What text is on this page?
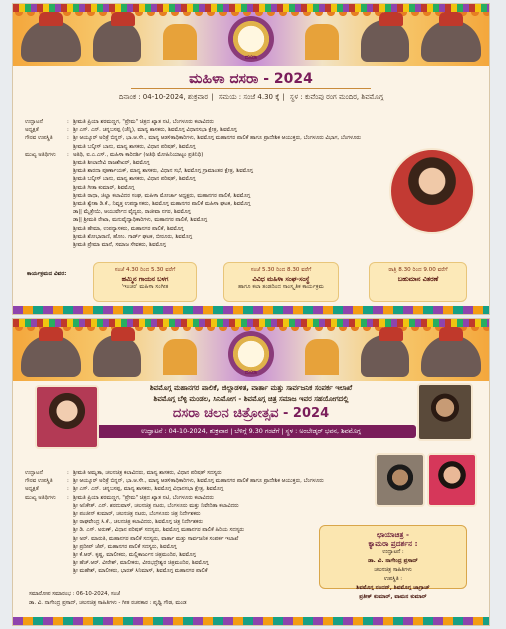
ದಸರಾ
ಮಹಿಳಾ ದಸರಾ - 2024
ದಿನಾಂಕ : 04-10-2024, ಶುಕ್ರವಾರ | ಸಮಯ : ಸಂಜೆ 4.30 ಕ್ಕೆ | ಸ್ಥಳ : ಕುವೆಂಪು ರಂಗ ಮಂದಿರ, ಶಿವಮೊಗ್ಗ
ಉದ್ಘಾಟನೆ	: ಶ್ರೀಮತಿ ಪ್ರಿಯಾ ಶರಮಣ್ಣಗ, "ಪ್ರೇಮ" ಚಿತ್ರದ ಖ್ಯಾತ ನಟಿ, ಬೆಂಗಳೂರು ಕಲಾವಿದರು
ಅಧ್ಯಕ್ಷತೆ	: ಶ್ರೀ ಎಸ್. ಎನ್. ಚನ್ನಬಸಪ್ಪ (ಚೆನ್ನಿ), ಮಾನ್ಯ ಶಾಸಕರು, ಶಿವಮೊಗ್ಗ ವಿಧಾನಸಭಾ ಕ್ಷೇತ್ರ, ಶಿವಮೊಗ್ಗ
ಗೌರವ ಉಪಸ್ಥಿತಿ	: ಶ್ರೀ ಆಯ್ಕೂರ್ ಅರಿತ್ರೆ ಬಿನ್ನನ್, ಭಾ.ಆ.ಸೇ., ಮಾನ್ಯ ಆಡಳಿತಾಧಿಕಾರಿಗಳು, ಶಿವಮೊಗ್ಗ ಮಹಾನಗರ ಪಾಲಿಕೆ ಹಾಗೂ ಪ್ರಾದೇಶಿಕ ಆಯುಕ್ತರು, ಬೆಂಗಳೂರು ವಿಭಾಗ, ಬೆಂಗಳೂರು
ಶ್ರೀಮತಿ ಬಲ್ಕೀಸ್ ಬಾನು, ಮಾನ್ಯ ಶಾಸಕರು, ವಿಧಾನ ಪರಿಷತ್, ಶಿವಮೊಗ್ಗ
ಮುಖ್ಯ ಅತಿಥಿಗಳು	: ಅತಿಥಿ, ಐ.ಎ.ಎಸ್., ಮಹಿಳಾ ಕಾರಿದರ್ಶಿ (ಅತಿಥಿ ಮೋಹಿನಿಯಾಟ್ಟಂ ಪ್ರತಿನಿಧಿ)
ಶ್ರೀಮತಿ ಶೀಲಾದೇವಿ ರಾಜಶೇಖರ್, ಶಿವಮೊಗ್ಗ
ಶ್ರೀಮತಿ ಶಾರದಾ ಪೂರ್ಣಾಯಕ್, ಮಾನ್ಯ ಶಾಸಕರು, ವಿಧಾನ ಸಭೆ, ಶಿವಮೊಗ್ಗ ಗ್ರಾಮಾಂತರ ಕ್ಷೇತ್ರ, ಶಿವಮೊಗ್ಗ
ಶ್ರೀಮತಿ ಬಲ್ಕೀಸ್ ಬಾನು, ಮಾನ್ಯ ಶಾಸಕರು, ವಿಧಾನ ಪರಿಷತ್, ಶಿವಮೊಗ್ಗ
ಶ್ರೀಮತಿ ಗೀತಾ ಕುಮಾರ್, ಶಿವಮೊಗ್ಗ
ಶ್ರೀಮತಿ ರಾಧಾ, ಜಿಲ್ಲಾ ಕಲಾವಿದರ ಸಂಘ, ಮಹಿಳಾ ಮೋರ್ಚಾ ಅಧ್ಯಕ್ಷರು, ಮಹಾನಗರ ಪಾಲಿಕೆ, ಶಿವಮೊಗ್ಗ
ಶ್ರೀಮತಿ ಶ್ವೇತಾ ಡಿ.ಕೆ., ನಿವೃತ್ತ ಉಪನ್ಯಾಸಕರು, ಶಿವಮೊಗ್ಗ ಮಹಾನಗರ ಪಾಲಿಕೆ ಮಹಿಳಾ ಘಟಕ, ಶಿವಮೊಗ್ಗ
ಡಾ|| ಮೈತ್ರೇಯಿ, ಆಯುರ್ವೇದ ವೈದ್ಯರು, ರಾಜೀವಾ ನಗರ, ಶಿವಮೊಗ್ಗ
ಡಾ|| ಶ್ರೀಮತಿ ರೇಖಾ, ಮನುವೈದ್ಯಾಧಿಕಾರಿಗಳು, ಮಹಾನಗರ ಪಾಲಿಕೆ, ಶಿವಮೊಗ್ಗ
ಶ್ರೀಮತಿ ಹೇಮಾ, ಉಪನ್ಯಾಸಕರು, ಮಹಾನಗರ ಪಾಲಿಕೆ, ಶಿವಮೊಗ್ಗ
ಶ್ರೀಮತಿ ಶೋಭಾರಾಣಿ, ಹೋಂ. ಗಾರ್ಡ್ ಘಟಕ, ಬೀರೂರು, ಶಿವಮೊಗ್ಗ
ಶ್ರೀಮತಿ ಪ್ರೇಮಾ ಮಾನೆ, ಸಮಾಜ ಸೇವಕರು, ಶಿವಮೊಗ್ಗ
ಕಾರ್ಯಕ್ರಮದ ವಿವರ:
ಸಂಜೆ 4.30 ರಿಂದ 5.30 ವರೆಗೆ
ಹಮ್ಮಿನ ಗಾಯನ ಬಳಗ
'ಇಂಚರ' ಮಹಿಳಾ ಸಂಗೀತ
ಸಂಜೆ 5.30 ರಿಂದ 8.30 ವರೆಗೆ
ವಿವಿಧ ಮಹಿಳಾ ಸಂಘ-ಸಂಸ್ಥೆ
ಹಾಗೂ ಕಲಾ ತಂಡದಿಂದ ಸಾಂಸ್ಕೃತಿಕ ಕಾರ್ಯಕ್ರಮ
ರಾತ್ರಿ 8.30 ರಿಂದ 9.00 ವರೆಗೆ
ಬಹುಮಾನ ವಿತರಣೆ
ದಸರಾ
ಶಿವಮೊಗ್ಗ ಮಹಾನಗರ ಪಾಲಿಕೆ, ಜಿಲ್ಲಾಡಳಿತ, ವಾರ್ತಾ ಮತ್ತು ಸಾರ್ವಜನಿಕ ಸಂಪರ್ಕ ಇಲಾಖೆ
ಶಿವಮೊಗ್ಗ ಬೆಳ್ಳಿ ಮಂಡಲ, ಸಿನಿಮೋಗ - ಶಿವಮೊಗ್ಗ ಚಿತ್ರ ಸಮಾಜ ಇವರ ಸಹಯೋಗದಲ್ಲಿ
ದಸರಾ ಚಲನ ಚಿತ್ರೋತ್ಸವ - 2024
ಉದ್ಘಾಟನೆ : 04-10-2024, ಶುಕ್ರವಾರ | ಬೆಳಿಗ್ಗೆ 9.30 ಗಂಟೆಗೆ | ಸ್ಥಳ : ಅಂಬೇಡ್ಕರ್ ಭವನ, ಶಿವಮೊಗ್ಗ
ಉದ್ಘಾಟನೆ	: ಶ್ರೀಮತಿ ಅಮೃತಾ, ಚಲನಚಿತ್ರ ಕಲಾವಿದರು, ಮಾನ್ಯ ಶಾಸಕರು, ವಿಧಾನ ಪರಿಷತ್ ಸದಸ್ಯರು
ಗೌರವ ಉಪಸ್ಥಿತಿ	: ಶ್ರೀ ಆಯ್ಕೂರ್ ಅರಿತ್ರೆ ಬಿನ್ನನ್, ಭಾ.ಆ.ಸೇ., ಮಾನ್ಯ ಆಡಳಿತಾಧಿಕಾರಿಗಳು, ಶಿವಮೊಗ್ಗ ಮಹಾನಗರ ಪಾಲಿಕೆ ಹಾಗೂ ಪ್ರಾದೇಶಿಕ ಆಯುಕ್ತರು, ಬೆಂಗಳೂರು
ಅಧ್ಯಕ್ಷತೆ	: ಶ್ರೀ ಎಸ್. ಎನ್. ಚನ್ನಬಸಪ್ಪ, ಮಾನ್ಯ ಶಾಸಕರು, ಶಿವಮೊಗ್ಗ ವಿಧಾನಸಭಾ ಕ್ಷೇತ್ರ, ಶಿವಮೊಗ್ಗ
ಮುಖ್ಯ ಅತಿಥಿಗಳು	: ಶ್ರೀಮತಿ ಪ್ರಿಯಾ ಶರಮಣ್ಣಗ, "ಪ್ರೇಮ" ಚಿತ್ರದ ಖ್ಯಾತ ನಟಿ, ಬೆಂಗಳೂರು ಕಲಾವಿದರು
ಶ್ರೀ ಅನಿಕೇತ್. ಎನ್. ಶರದುವಾಸ್, ಚಲನಚಿತ್ರ ನಟರು, ಬೆಂಗಳೂರು ಮತ್ತು ನಿವೇದಿತಾ ಕಲಾವಿದರು
ಶ್ರೀ ಪಂಜೀನ್ ಕುಮಾರ್, ಚಲನಚಿತ್ರ ನಟರು, ಬೆಂಗಳೂರು ಚಿತ್ರ ನಿರ್ದೇಶಕರು
ಶ್ರೀ ರಾಘವೇಂದ್ರ ಸಿ.ಕೆ., ಚಲನಚಿತ್ರ ಕಲಾವಿದರು, ಶಿವಮೊಗ್ಗ ಚಿತ್ರ ನಿರ್ದೇಶಕರು
ಶ್ರೀ ಡಿ. ಎಸ್. ಅರುಣ್, ವಿಧಾನ ಪರಿಷತ್ ಸದಸ್ಯರು, ಶಿವಮೊಗ್ಗ ಮಹಾನಗರ ಪಾಲಿಕೆ ಹಿರಿಯ ಸದಸ್ಯರು
ಶ್ರೀ ಅರ್. ಮಾರುತಿ, ಮಹಾನಗರ ಪಾಲಿಕೆ ಸದಸ್ಯರು, ವಾರ್ತಾ ಮತ್ತು ಸಾರ್ವಜನಿಕ ಸಂಪರ್ಕ ಇಲಾಖೆ
ಶ್ರೀ ಪ್ರದೀಪ್ ಜೆಪ್, ಮಹಾನಗರ ಪಾಲಿಕೆ ಸದಸ್ಯರು, ಶಿವಮೊಗ್ಗ
ಶ್ರೀ ಕೆ.ಆರ್. ಕೃಷ್ಣ, ಮಾಲೀಕರು, ಮಲ್ಲಿಕಾರ್ಜುನ ಚಿತ್ರಮಂದಿರ, ಶಿವಮೊಗ್ಗ
ಶ್ರೀ ಹೆಚ್.ಆರ್. ವೀರೇಶ್, ಮಾಲೀಕರು, ವೀರಭದ್ರೇಶ್ವರ ಚಿತ್ರಮಂದಿರ, ಶಿವಮೊಗ್ಗ
ಶ್ರೀ ಮಹೇಶ್, ಮಾಲೀಕರು, ಭಾರತ್ ಸಿನಿಮಾಸ್, ಶಿವಮೊಗ್ಗ ಮಹಾನಗರ ಪಾಲಿಕೆ
ಛಾಯಾಚಿತ್ರ -
ಕ್ಯಾಮರಾ ಪ್ರದರ್ಶನ :
ಉದ್ಘಾಟನೆ :
ಡಾ. ವಿ. ನಾಗೇಂದ್ರ ಪ್ರಸಾದ್
ಚಲನಚಿತ್ರ ಸಾಹಿತಿಗಳು
ಉಪಸ್ಥಿತಿ :
ಶಿವಮೊಗ್ಗ ನಂದನ್, ಶಿವಮೊಗ್ಗ ಜಾಗ್ರಾಜ್
ಪ್ರತೀಕ್ ಕುಮಾರ್, ವಾಮನ ಕುಮಾರ್
ಸಮಾರೋಪ ಸಮಾರಂಭ : 06-10-2024, ಸಂಜೆ
ಡಾ. ವಿ. ನಾಗೇಂದ್ರ ಪ್ರಸಾದ್, ಚಲನಚಿತ್ರ ಸಾಹಿತಿಗಳು - ಗೀತ ರಚನಕಾರ : ಪೃಥ್ವಿ ಗೌಡ, ಮಂಡ
